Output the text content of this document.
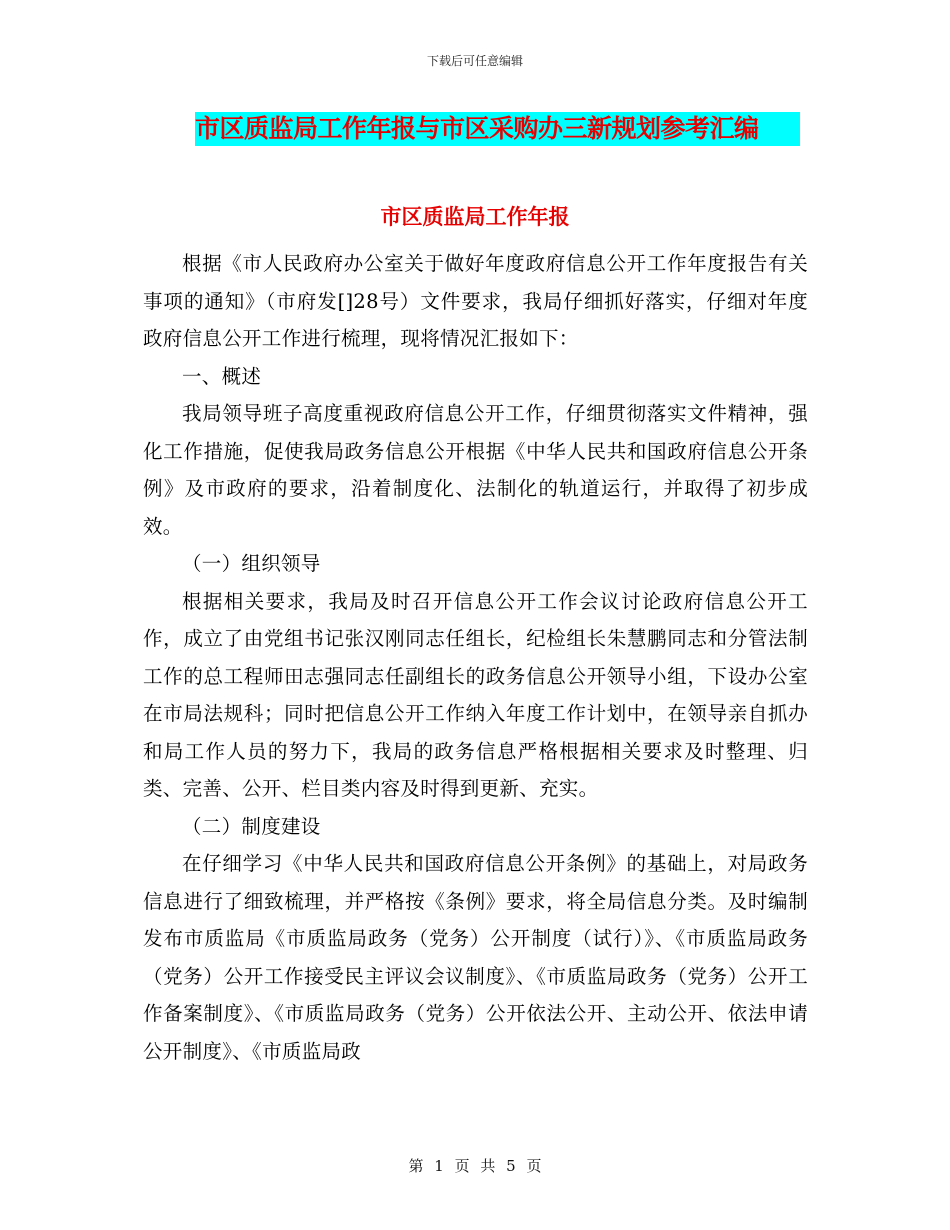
下载后可任意编辑
市区质监局工作年报与市区采购办三新规划参考汇编
市区质监局工作年报

根据《市人民政府办公室关于做好年度政府信息公开工作年度报告有关事项的通知》（市府发[]28号）文件要求，我局仔细抓好落实，仔细对年度政府信息公开工作进行梳理，现将情况汇报如下：

一、概述

我局领导班子高度重视政府信息公开工作，仔细贯彻落实文件精神，强化工作措施，促使我局政务信息公开根据《中华人民共和国政府信息公开条例》及市政府的要求，沿着制度化、法制化的轨道运行，并取得了初步成效。

（一）组织领导

根据相关要求，我局及时召开信息公开工作会议讨论政府信息公开工作，成立了由党组书记张汉刚同志任组长，纪检组长朱慧鹏同志和分管法制工作的总工程师田志强同志任副组长的政务信息公开领导小组，下设办公室在市局法规科；同时把信息公开工作纳入年度工作计划中，在领导亲自抓办和局工作人员的努力下，我局的政务信息严格根据相关要求及时整理、归类、完善、公开、栏目类内容及时得到更新、充实。

（二）制度建设

在仔细学习《中华人民共和国政府信息公开条例》的基础上，对局政务信息进行了细致梳理，并严格按《条例》要求，将全局信息分类。及时编制发布市质监局《市质监局政务（党务）公开制度（试行）》、《市质监局政务（党务）公开工作接受民主评议会议制度》、《市质监局政务（党务）公开工作备案制度》、《市质监局政务（党务）公开依法公开、主动公开、依法申请公开制度》、《市质监局政

第 1 页 共 5 页
